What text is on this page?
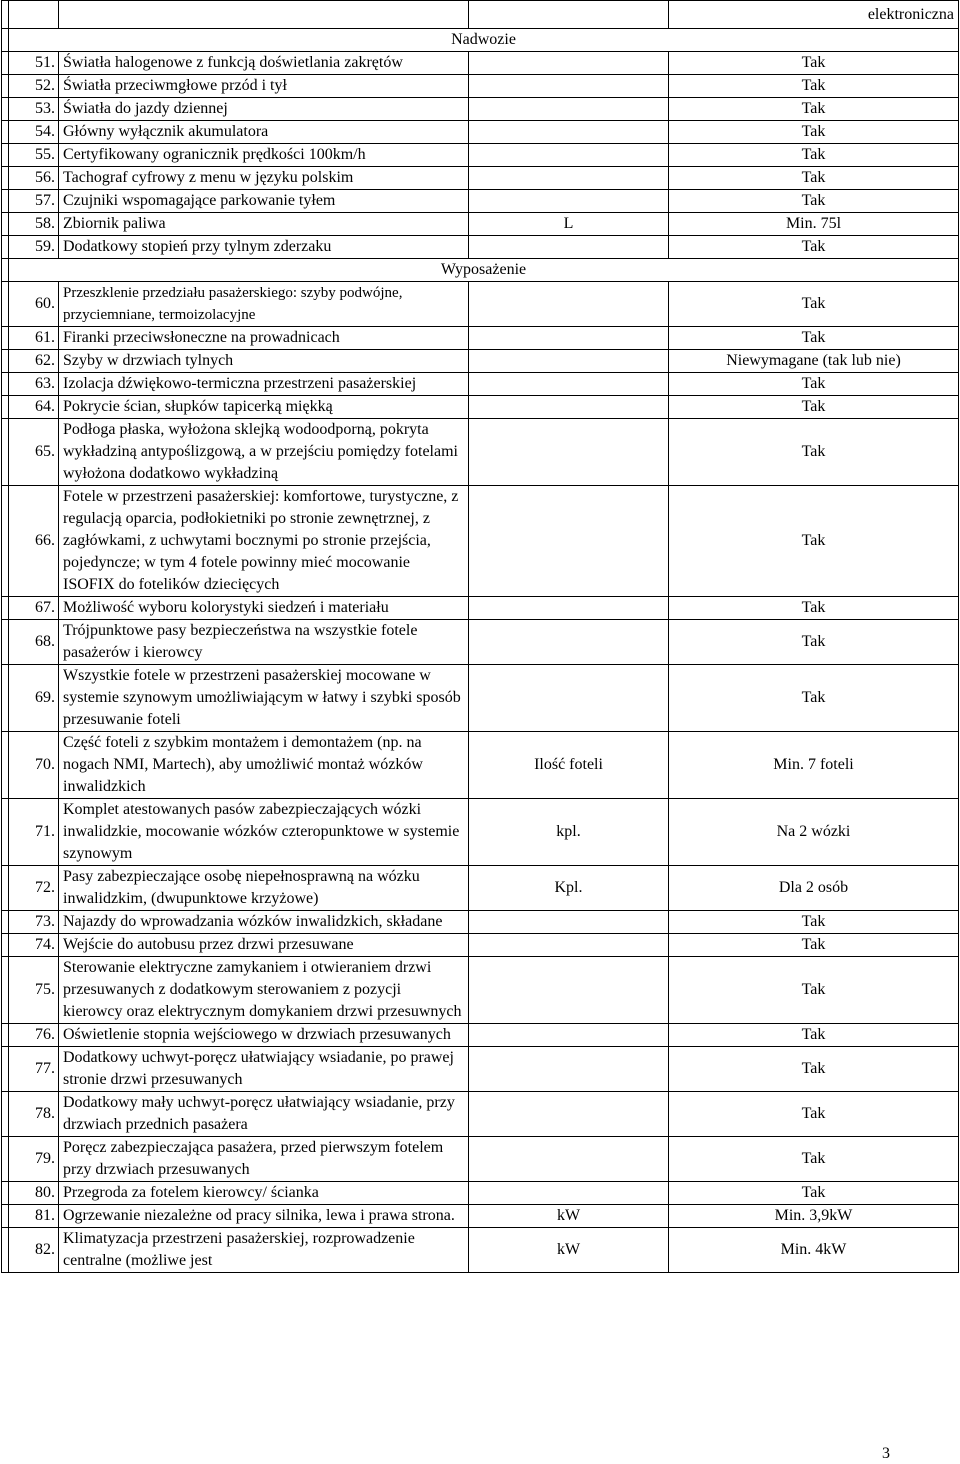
				elektroniczna
	Nadwozie			
	51.	Światła halogenowe z funkcją doświetlania zakrętów		Tak
	52.	Światła przeciwmgłowe przód i tył		Tak
	53.	Światła do jazdy dziennej		Tak
	54.	Główny wyłącznik akumulatora		Tak
	55.	Certyfikowany ogranicznik prędkości 100km/h		Tak
	56.	Tachograf cyfrowy z menu w języku polskim		Tak
	57.	Czujniki wspomagające parkowanie tyłem		Tak
	58.	Zbiornik paliwa	L	Min. 75l
	59.	Dodatkowy stopień przy tylnym zderzaku		Tak
	Wyposażenie			
	60.	Przeszklenie przedziału pasażerskiego: szyby podwójne, przyciemniane, termoizolacyjne		Tak
	61.	Firanki przeciwsłoneczne na prowadnicach		Tak
	62.	Szyby w drzwiach tylnych		Niewymagane (tak lub nie)
	63.	Izolacja dźwiękowo-termiczna przestrzeni pasażerskiej		Tak
	64.	Pokrycie ścian, słupków tapicerką miękką		Tak
	65.	Podłoga płaska, wyłożona sklejką wodoodporną, pokryta wykładziną antypoślizgową, a w przejściu pomiędzy fotelami wyłożona dodatkowo wykładziną		Tak
	66.	Fotele w przestrzeni pasażerskiej: komfortowe, turystyczne, z regulacją oparcia, podłokietniki po stronie zewnętrznej, z zagłówkami, z uchwytami bocznymi po stronie przejścia, pojedyncze; w tym 4 fotele powinny mieć mocowanie ISOFIX do fotelików dziecięcych		Tak
	67.	Możliwość wyboru kolorystyki siedzeń i materiału		Tak
	68.	Trójpunktowe pasy bezpieczeństwa na wszystkie fotele pasażerów i kierowcy		Tak
	69.	Wszystkie fotele w przestrzeni pasażerskiej mocowane w systemie szynowym umożliwiającym w łatwy i szybki sposób przesuwanie foteli		Tak
	70.	Część foteli z szybkim montażem i demontażem (np. na nogach NMI, Martech), aby umożliwić montaż wózków inwalidzkich	Ilość foteli	Min. 7 foteli
	71.	Komplet atestowanych pasów zabezpieczających wózki inwalidzkie, mocowanie wózków czteropunktowe w systemie szynowym	kpl.	Na 2 wózki
	72.	Pasy zabezpieczające osobę niepełnosprawną na wózku inwalidzkim, (dwupunktowe krzyżowe)	Kpl.	Dla 2 osób
	73.	Najazdy do wprowadzania wózków inwalidzkich, składane		Tak
	74.	Wejście do autobusu przez drzwi przesuwane		Tak
	75.	Sterowanie elektryczne zamykaniem i otwieraniem drzwi przesuwanych z dodatkowym sterowaniem z pozycji kierowcy oraz elektrycznym domykaniem drzwi przesuwnych		Tak
	76.	Oświetlenie stopnia wejściowego w drzwiach przesuwanych		Tak
	77.	Dodatkowy uchwyt-poręcz ułatwiający wsiadanie, po prawej stronie drzwi przesuwanych		Tak
	78.	Dodatkowy mały uchwyt-poręcz ułatwiający wsiadanie, przy drzwiach przednich pasażera		Tak
	79.	Poręcz zabezpieczająca pasażera, przed pierwszym fotelem przy drzwiach przesuwanych		Tak
	80.	Przegroda za fotelem kierowcy/ ścianka		Tak
	81.	Ogrzewanie niezależne od pracy silnika, lewa i prawa strona.	kW	Min. 3,9kW
	82.	Klimatyzacja przestrzeni pasażerskiej, rozprowadzenie centralne (możliwe jest	kW	Min. 4kW
3
